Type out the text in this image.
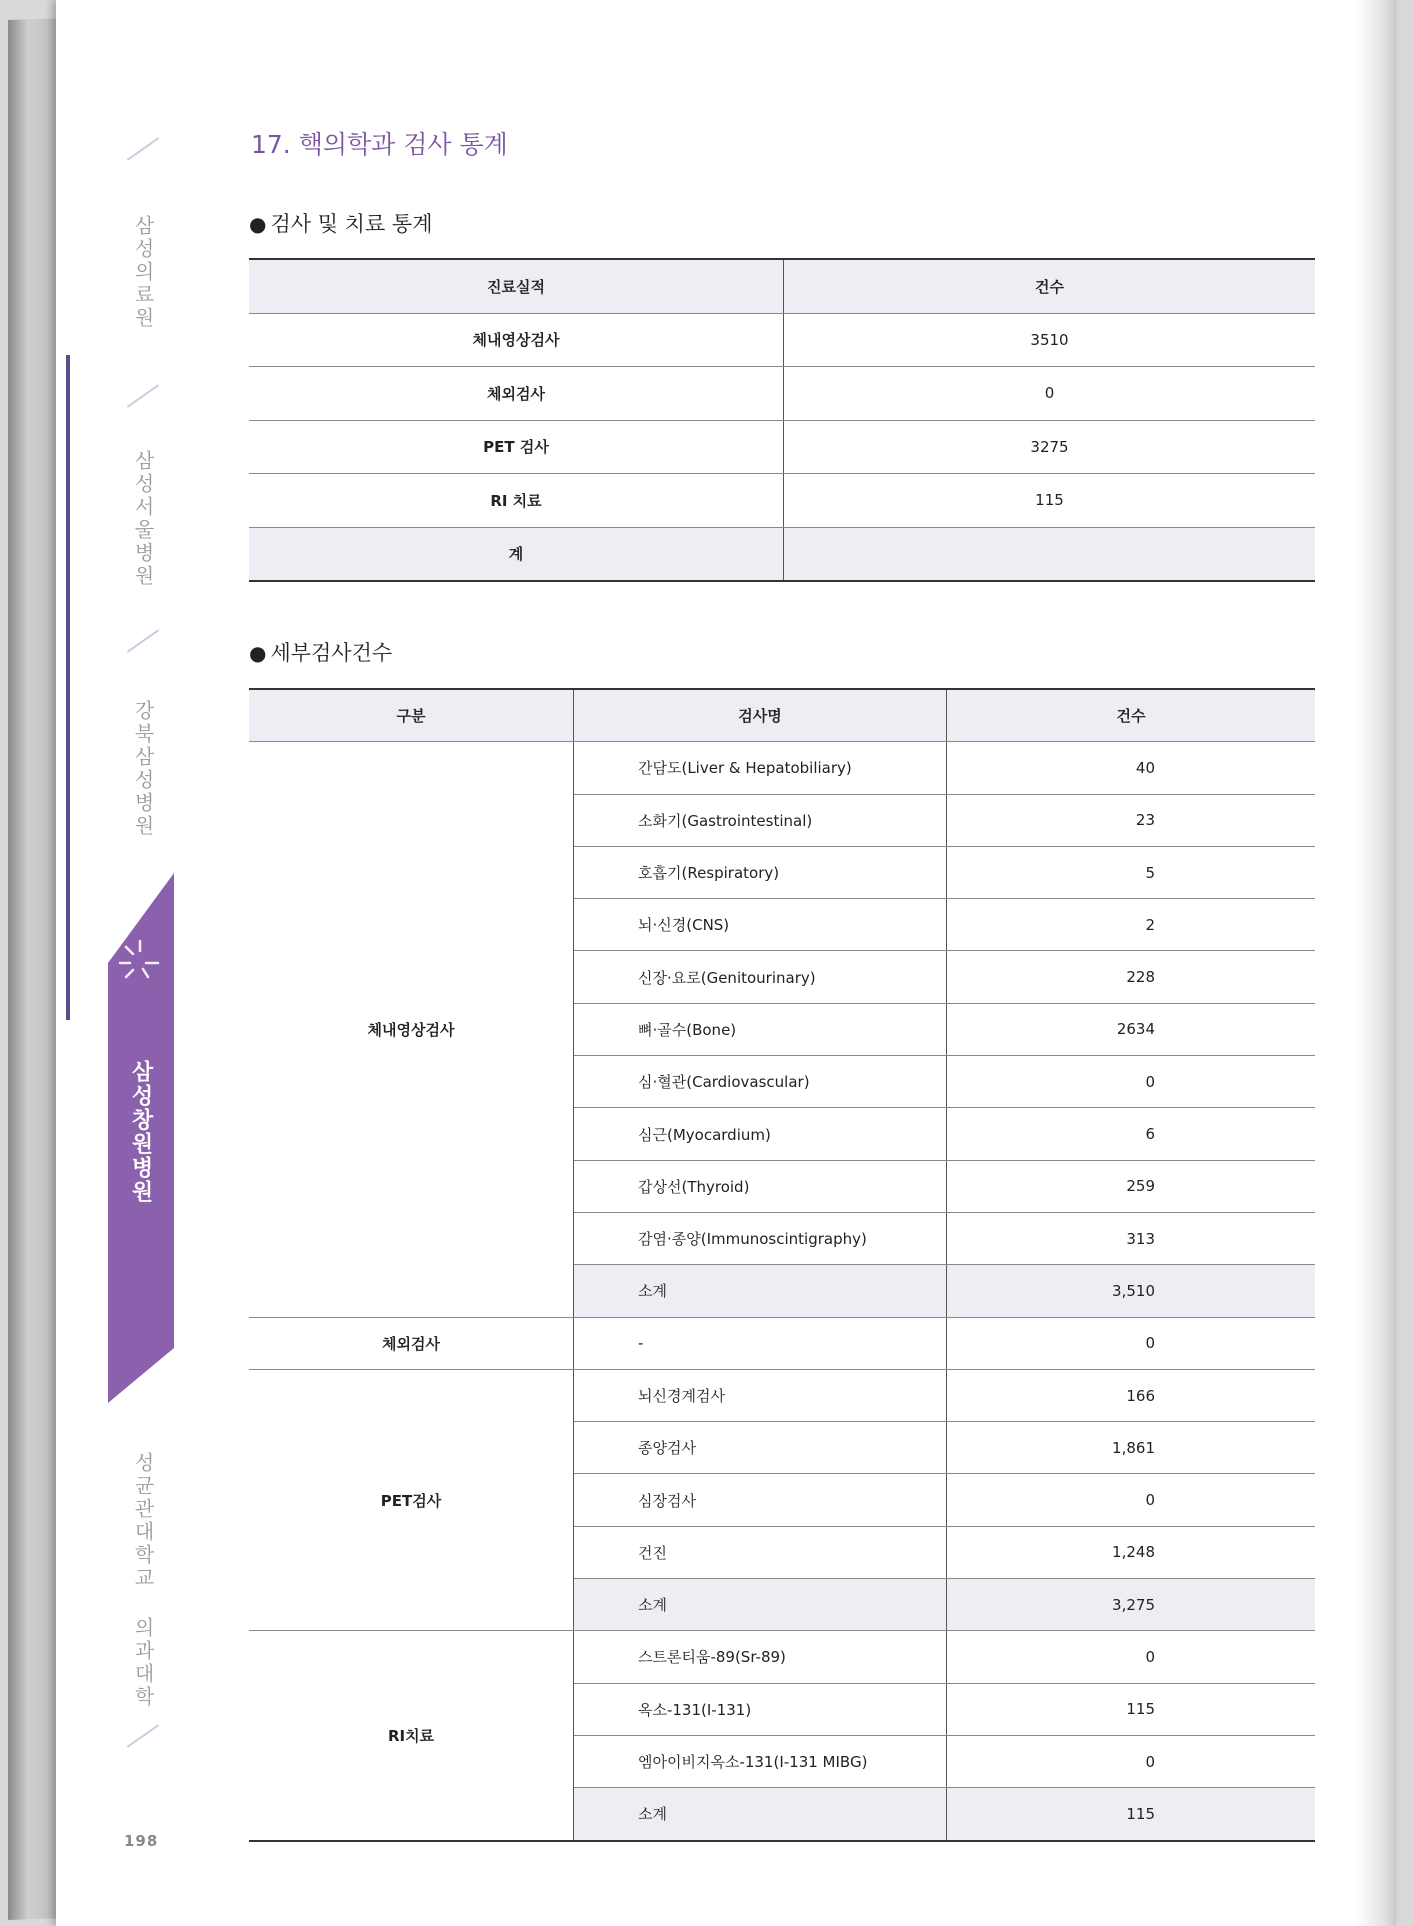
삼성의료원
삼성서울병원
강북삼성병원
삼성창원병원
성균관대학교 의과대학
198
17. 핵의학과 검사 통계
● 검사 및 치료 통계
진료실적	건수
체내영상검사	3510
체외검사	0
PET 검사	3275
RI 치료	115
계	
● 세부검사건수
구분	검사명	건수
체내영상검사	간담도(Liver & Hepatobiliary)	40
	소화기(Gastrointestinal)	23
	호흡기(Respiratory)	5
	뇌·신경(CNS)	2
	신장·요로(Genitourinary)	228
	뼈·골수(Bone)	2634
	심·혈관(Cardiovascular)	0
	심근(Myocardium)	6
	갑상선(Thyroid)	259
	감염·종양(Immunoscintigraphy)	313
	소계	3,510
체외검사	-	0
PET검사	뇌신경계검사	166
	종양검사	1,861
	심장검사	0
	건진	1,248
	소계	3,275
RI치료	스트론티움-89(Sr-89)	0
	옥소-131(I-131)	115
	엠아이비지옥소-131(I-131 MIBG)	0
	소계	115
